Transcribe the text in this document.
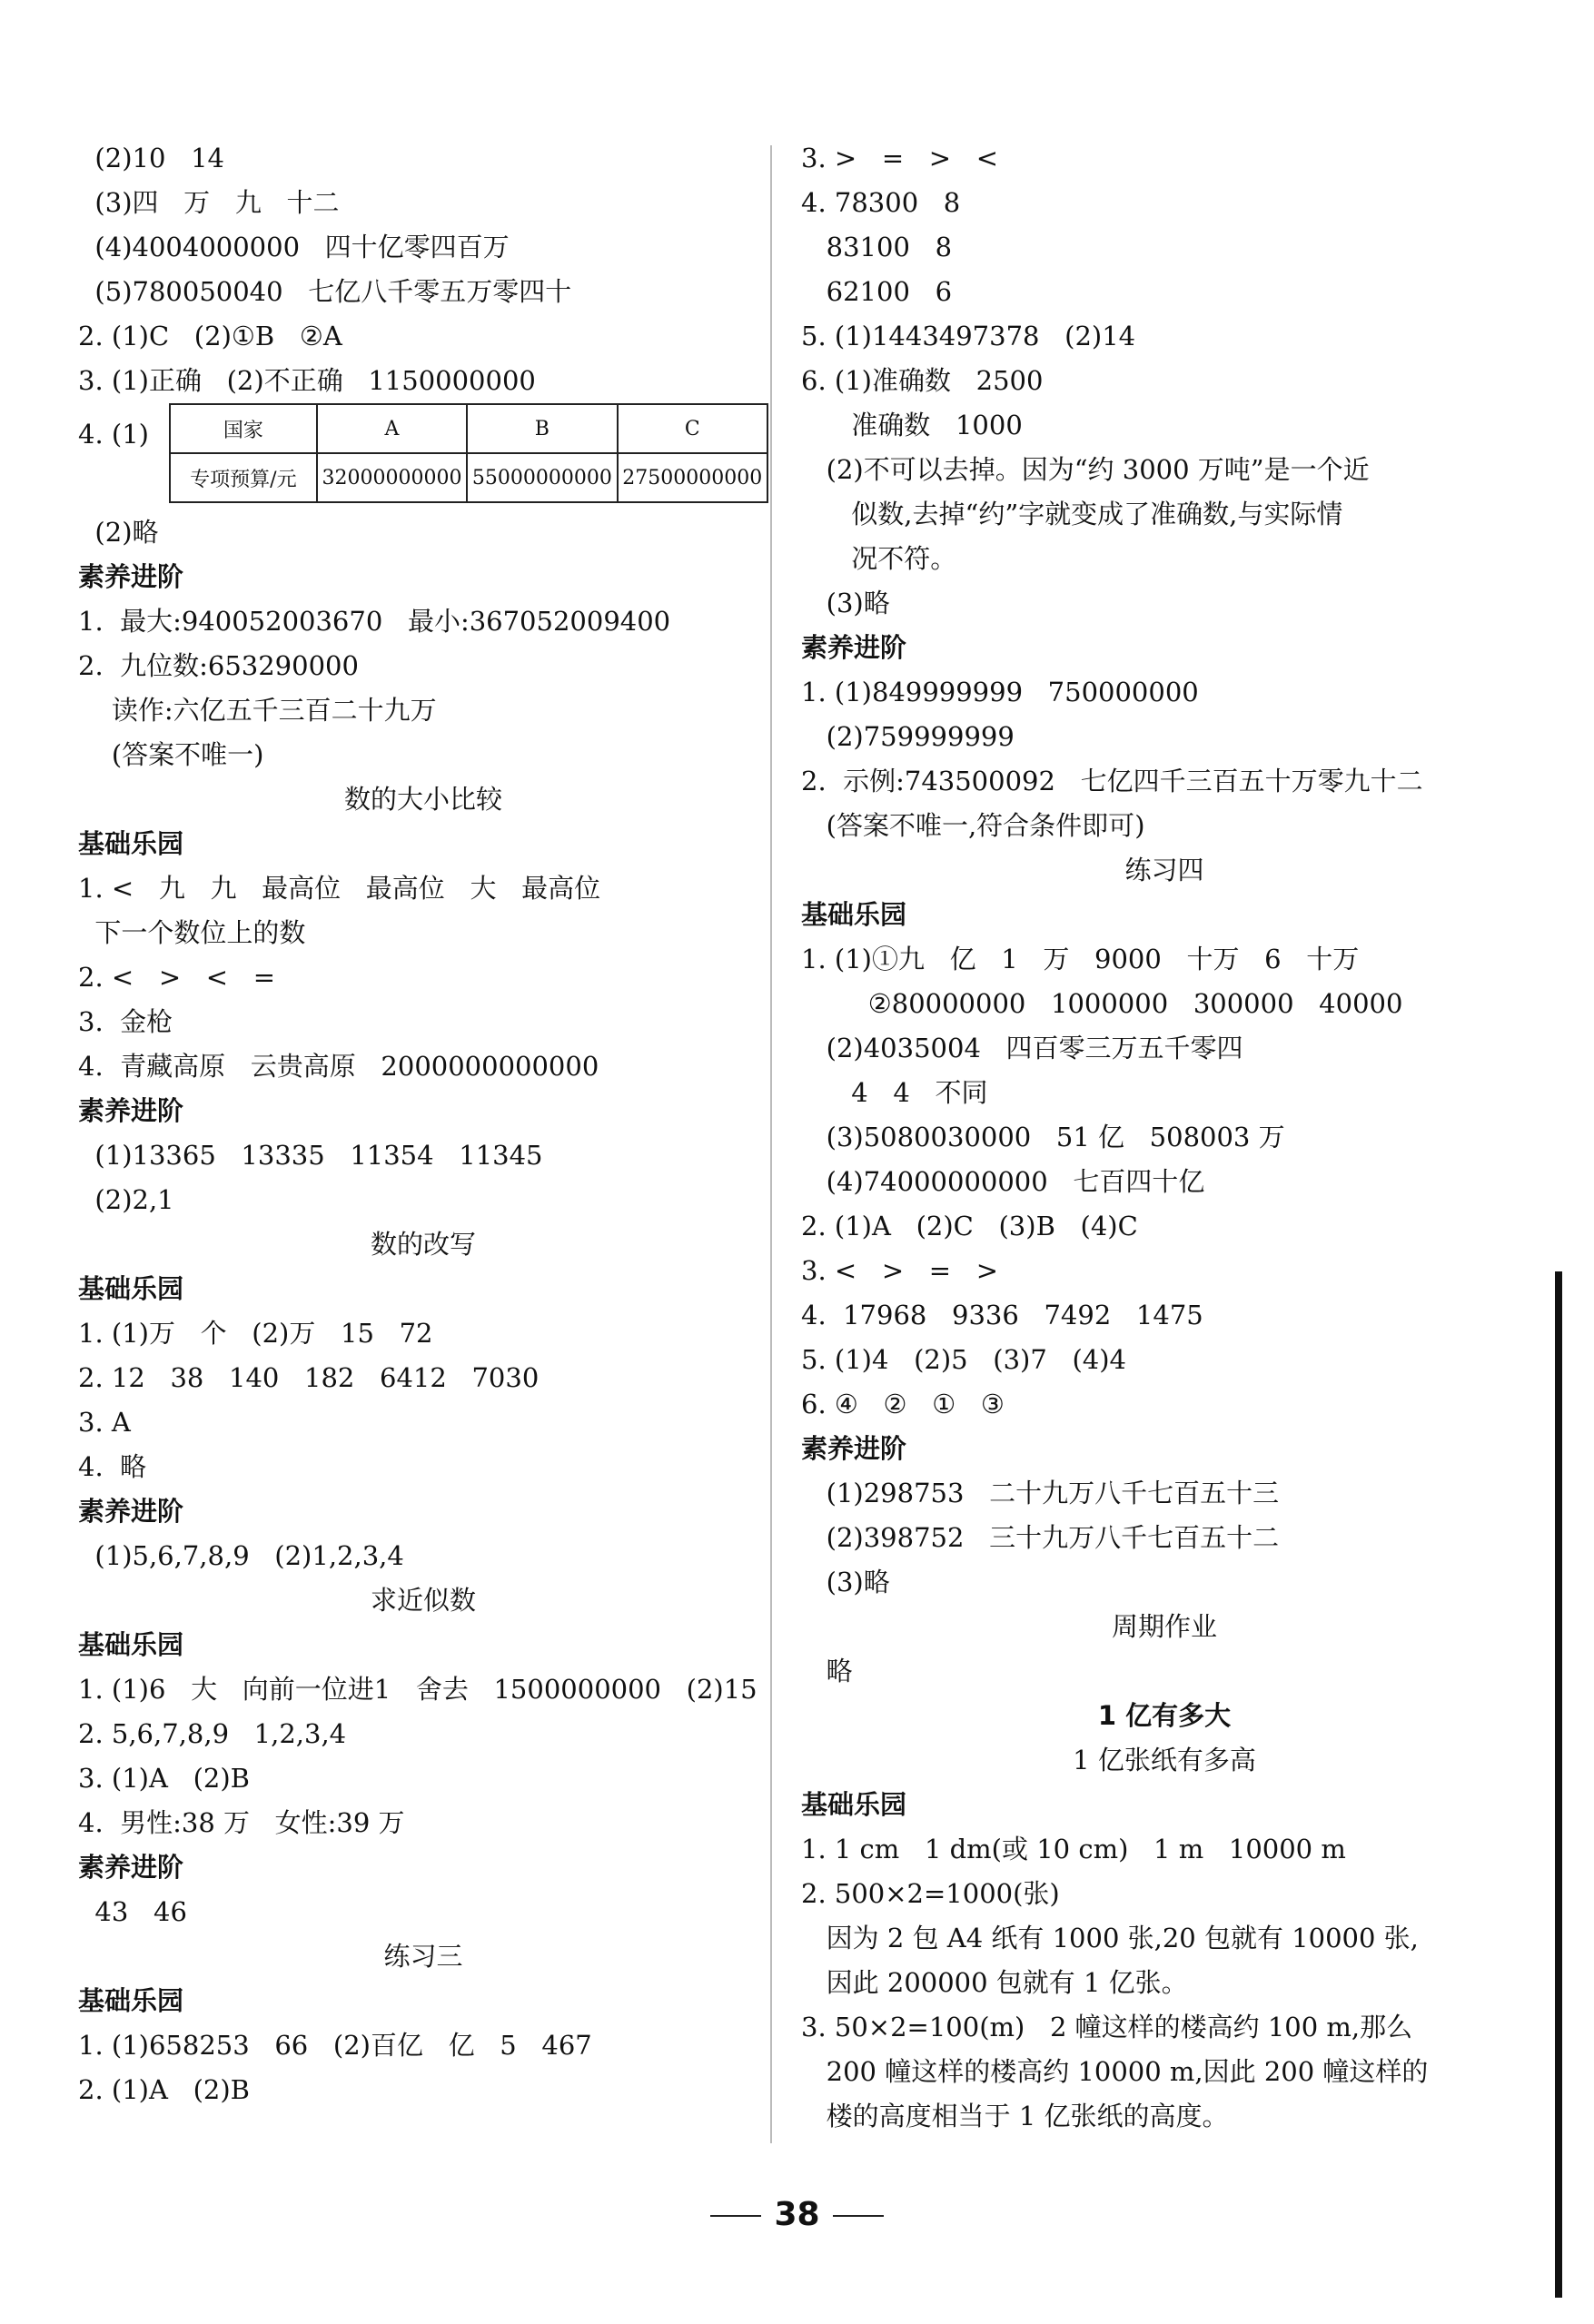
(2)10   14
(3)四   万   九   十二
(4)4004000000   四十亿零四百万
(5)780050040   七亿八千零五万零四十
2. (1)C   (2)①B   ②A
3. (1)正确   (2)不正确   1150000000
4. (1)	国家	A	B	C
专项预算/元	32000000000	55000000000	27500000000
(2)略
素养进阶
1.  最大:940052003670   最小:367052009400
2.  九位数:653290000
读作:六亿五千三百二十九万
(答案不唯一)
数的大小比较
基础乐园
1. <   九   九   最高位   最高位   大   最高位
下一个数位上的数
2. <   >   <   =
3.  金枪
4.  青藏高原   云贵高原   2000000000000
素养进阶
(1)13365   13335   11354   11345
(2)2,1
数的改写
基础乐园
1. (1)万   个   (2)万   15   72
2. 12   38   140   182   6412   7030
3. A
4.  略
素养进阶
(1)5,6,7,8,9   (2)1,2,3,4
求近似数
基础乐园
1. (1)6   大   向前一位进1   舍去   1500000000   (2)15
2. 5,6,7,8,9   1,2,3,4
3. (1)A   (2)B
4.  男性:38 万   女性:39 万
素养进阶
43   46
练习三
基础乐园
1. (1)658253   66   (2)百亿   亿   5   467
2. (1)A   (2)B
3. >   =   >   <
4. 78300   8
83100   8
62100   6
5. (1)1443497378   (2)14
6. (1)准确数   2500
准确数   1000
(2)不可以去掉。因为“约 3000 万吨”是一个近
似数,去掉“约”字就变成了准确数,与实际情
况不符。
(3)略
素养进阶
1. (1)849999999   750000000
(2)759999999
2.  示例:743500092   七亿四千三百五十万零九十二
(答案不唯一,符合条件即可)
练习四
基础乐园
1. (1)①九   亿   1   万   9000   十万   6   十万
②80000000   1000000   300000   40000
(2)4035004   四百零三万五千零四
4   4   不同
(3)5080030000   51 亿   508003 万
(4)74000000000   七百四十亿
2. (1)A   (2)C   (3)B   (4)C
3. <   >   =   >
4.  17968   9336   7492   1475
5. (1)4   (2)5   (3)7   (4)4
6. ④   ②   ①   ③
素养进阶
(1)298753   二十九万八千七百五十三
(2)398752   三十九万八千七百五十二
(3)略
周期作业
略
1 亿有多大
1 亿张纸有多高
基础乐园
1. 1 cm   1 dm(或 10 cm)   1 m   10000 m
2. 500×2=1000(张)
因为 2 包 A4 纸有 1000 张,20 包就有 10000 张,
因此 200000 包就有 1 亿张。
3. 50×2=100(m)   2 幢这样的楼高约 100 m,那么
200 幢这样的楼高约 10000 m,因此 200 幢这样的
楼的高度相当于 1 亿张纸的高度。
38
